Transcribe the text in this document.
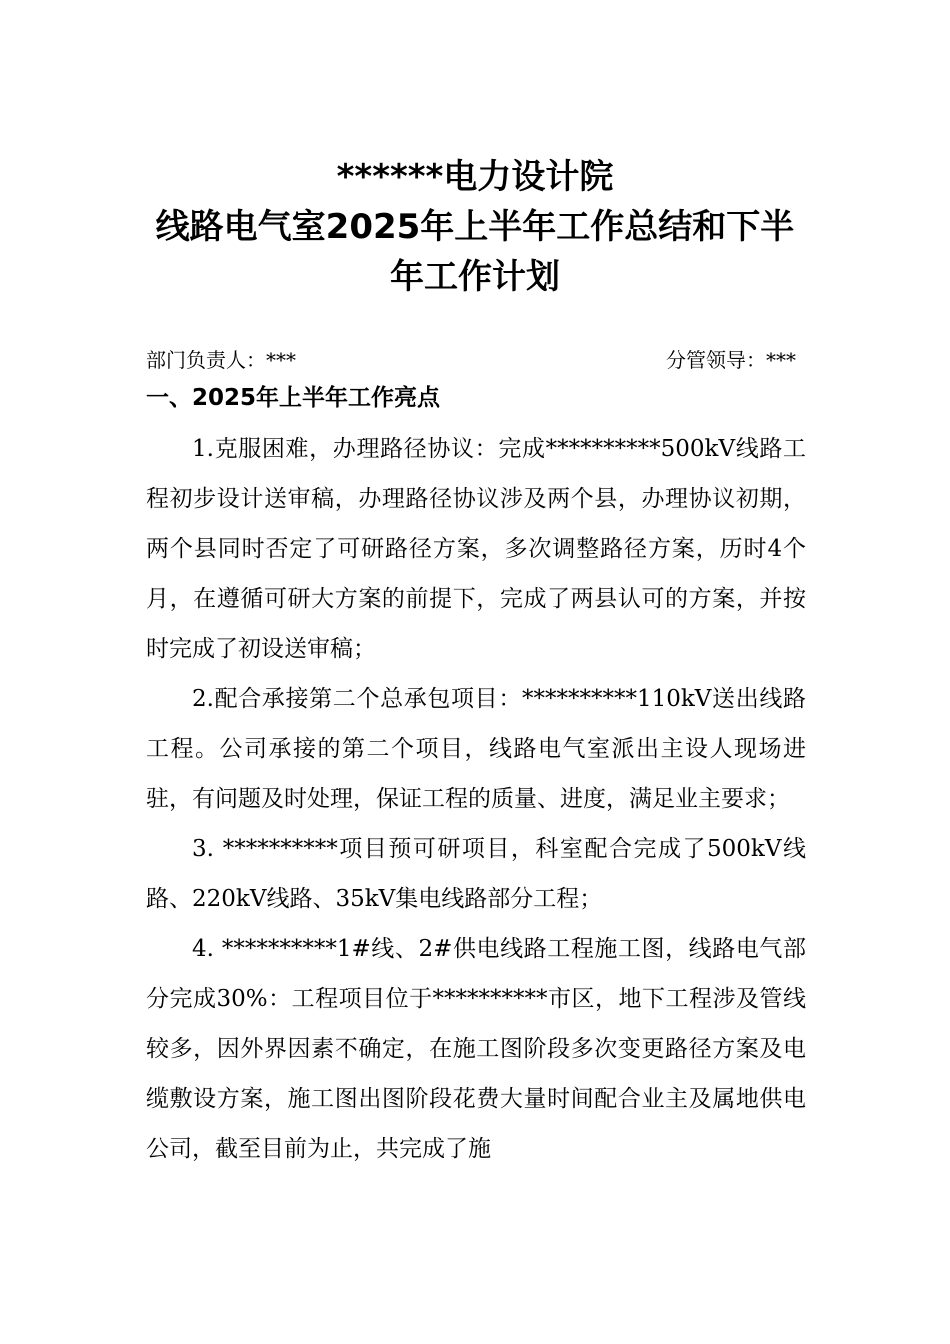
******电力设计院
线路电气室2025年上半年工作总结和下半
年工作计划
部门负责人：***	分管领导：***
一、2025年上半年工作亮点

1.克服困难，办理路径协议：完成**********500kV线路工程初步设计送审稿，办理路径协议涉及两个县，办理协议初期，两个县同时否定了可研路径方案，多次调整路径方案，历时4个月，在遵循可研大方案的前提下，完成了两县认可的方案，并按时完成了初设送审稿；

2.配合承接第二个总承包项目：**********110kV送出线路工程。公司承接的第二个项目，线路电气室派出主设人现场进驻，有问题及时处理，保证工程的质量、进度，满足业主要求；

3. **********项目预可研项目，科室配合完成了500kV线路、220kV线路、35kV集电线路部分工程；

4. **********1#线、2#供电线路工程施工图，线路电气部分完成30%：工程项目位于**********市区，地下工程涉及管线较多，因外界因素不确定，在施工图阶段多次变更路径方案及电缆敷设方案，施工图出图阶段花费大量时间配合业主及属地供电公司，截至目前为止，共完成了施
